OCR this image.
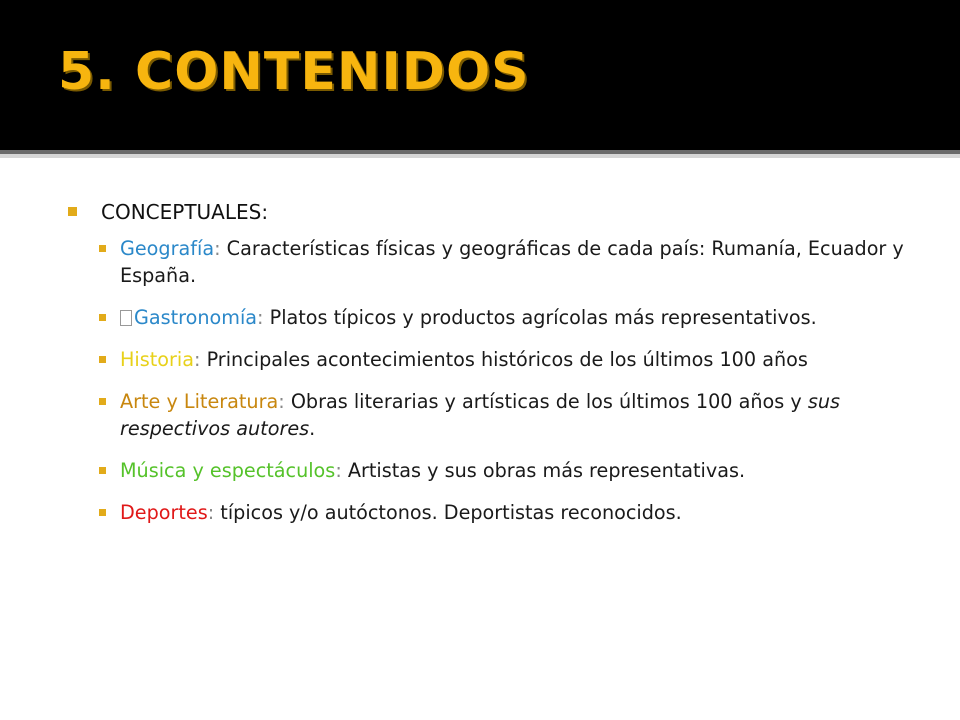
5. CONTENIDOS
CONCEPTUALES:
Geografía: Características físicas y geográficas de cada país: Rumanía, Ecuador y España.
Gastronomía: Platos típicos y productos agrícolas más representativos.
Historia: Principales acontecimientos históricos de los últimos 100 años
Arte y Literatura: Obras literarias y artísticas de los últimos 100 años y sus respectivos autores.
Música y espectáculos: Artistas y sus obras más representativas.
Deportes: típicos y/o autóctonos. Deportistas reconocidos.
